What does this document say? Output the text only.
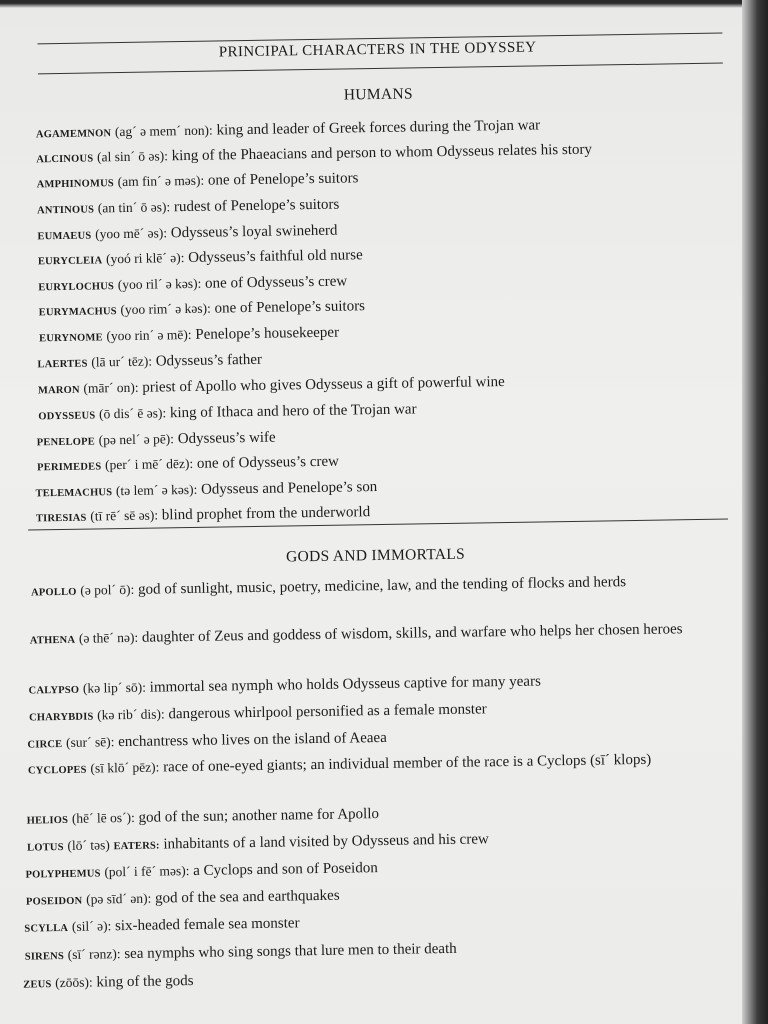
PRINCIPAL CHARACTERS IN THE ODYSSEY
HUMANS
AGAMEMNON (ag´ ə mem´ non): king and leader of Greek forces during the Trojan war
ALCINOUS (al sin´ ō əs): king of the Phaeacians and person to whom Odysseus relates his story
AMPHINOMUS (am fin´ ə məs): one of Penelope’s suitors
ANTINOUS (an tin´ ō əs): rudest of Penelope’s suitors
EUMAEUS (yoo mē´ əs): Odysseus’s loyal swineherd
EURYCLEIA (yoó ri klē´ ə): Odysseus’s faithful old nurse
EURYLOCHUS (yoo ril´ ə kəs): one of Odysseus’s crew
EURYMACHUS (yoo rim´ ə kəs): one of Penelope’s suitors
EURYNOME (yoo rin´ ə mē): Penelope’s housekeeper
LAERTES (lā ur´ tēz): Odysseus’s father
MARON (mār´ on): priest of Apollo who gives Odysseus a gift of powerful wine
ODYSSEUS (ō dis´ ē əs): king of Ithaca and hero of the Trojan war
PENELOPE (pə nel´ ə pē): Odysseus’s wife
PERIMEDES (per´ i mē´ dēz): one of Odysseus’s crew
TELEMACHUS (tə lem´ ə kəs): Odysseus and Penelope’s son
TIRESIAS (tī rē´ sē əs): blind prophet from the underworld
GODS AND IMMORTALS
APOLLO (ə pol´ ō): god of sunlight, music, poetry, medicine, law, and the tending of flocks and herds
ATHENA (ə thē´ nə): daughter of Zeus and goddess of wisdom, skills, and warfare who helps her chosen heroes
CALYPSO (kə lip´ sō): immortal sea nymph who holds Odysseus captive for many years
CHARYBDIS (kə rib´ dis): dangerous whirlpool personified as a female monster
CIRCE (sur´ sē): enchantress who lives on the island of Aeaea
CYCLOPES (sī klō´ pēz): race of one-eyed giants; an individual member of the race is a Cyclops (sī´ klops)
HELIOS (hē´ lē os´): god of the sun; another name for Apollo
LOTUS (lō´ təs) EATERS: inhabitants of a land visited by Odysseus and his crew
POLYPHEMUS (pol´ i fē´ məs): a Cyclops and son of Poseidon
POSEIDON (pə sīd´ ən): god of the sea and earthquakes
SCYLLA (sil´ ə): six-headed female sea monster
SIRENS (sī´ rənz): sea nymphs who sing songs that lure men to their death
ZEUS (zōōs): king of the gods
